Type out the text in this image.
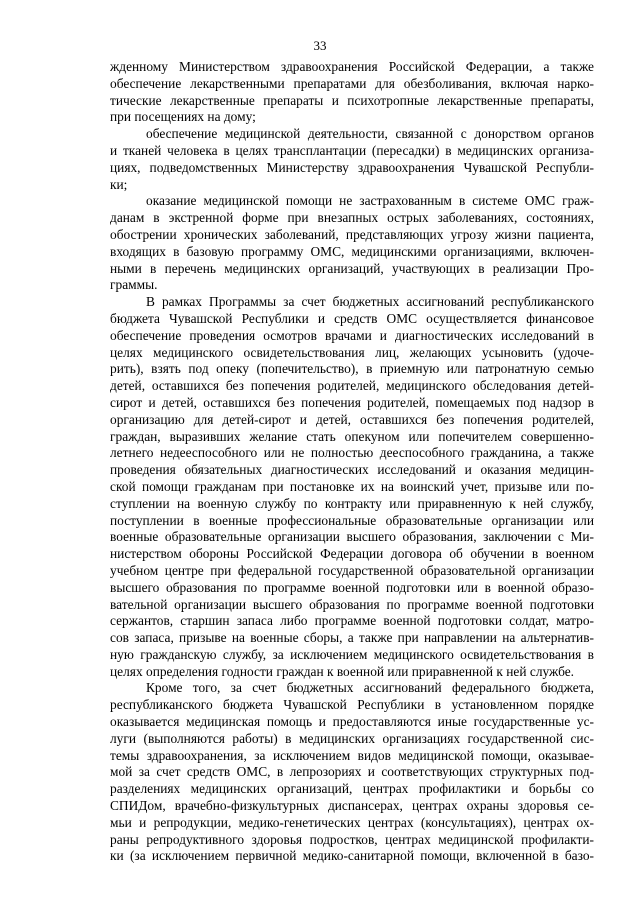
33
жденному Министерством здравоохранения Российской Федерации, а также
обеспечение лекарственными препаратами для обезболивания, включая нарко-
тические лекарственные препараты и психотропные лекарственные препараты,
при посещениях на дому;
обеспечение медицинской деятельности, связанной с донорством органов
и тканей человека в целях трансплантации (пересадки) в медицинских организа-
циях, подведомственных Министерству здравоохранения Чувашской Республи-
ки;
оказание медицинской помощи не застрахованным в системе ОМС граж-
данам в экстренной форме при внезапных острых заболеваниях, состояниях,
обострении хронических заболеваний, представляющих угрозу жизни пациента,
входящих в базовую программу ОМС, медицинскими организациями, включен-
ными в перечень медицинских организаций, участвующих в реализации Про-
граммы.
В рамках Программы за счет бюджетных ассигнований республиканского
бюджета Чувашской Республики и средств ОМС осуществляется финансовое
обеспечение проведения осмотров врачами и диагностических исследований в
целях медицинского освидетельствования лиц, желающих усыновить (удоче-
рить), взять под опеку (попечительство), в приемную или патронатную семью
детей, оставшихся без попечения родителей, медицинского обследования детей-
сирот и детей, оставшихся без попечения родителей, помещаемых под надзор в
организацию для детей-сирот и детей, оставшихся без попечения родителей,
граждан, выразивших желание стать опекуном или попечителем совершенно-
летнего недееспособного или не полностью дееспособного гражданина, а также
проведения обязательных диагностических исследований и оказания медицин-
ской помощи гражданам при постановке их на воинский учет, призыве или по-
ступлении на военную службу по контракту или приравненную к ней службу,
поступлении в военные профессиональные образовательные организации или
военные образовательные организации высшего образования, заключении с Ми-
нистерством обороны Российской Федерации договора об обучении в военном
учебном центре при федеральной государственной образовательной организации
высшего образования по программе военной подготовки или в военной образо-
вательной организации высшего образования по программе военной подготовки
сержантов, старшин запаса либо программе военной подготовки солдат, матро-
сов запаса, призыве на военные сборы, а также при направлении на альтернатив-
ную гражданскую службу, за исключением медицинского освидетельствования в
целях определения годности граждан к военной или приравненной к ней службе.
Кроме того, за счет бюджетных ассигнований федерального бюджета,
республиканского бюджета Чувашской Республики в установленном порядке
оказывается медицинская помощь и предоставляются иные государственные ус-
луги (выполняются работы) в медицинских организациях государственной сис-
темы здравоохранения, за исключением видов медицинской помощи, оказывае-
мой за счет средств ОМС, в лепрозориях и соответствующих структурных под-
разделениях медицинских организаций, центрах профилактики и борьбы со
СПИДом, врачебно-физкультурных диспансерах, центрах охраны здоровья се-
мьи и репродукции, медико-генетических центрах (консультациях), центрах ох-
раны репродуктивного здоровья подростков, центрах медицинской профилакти-
ки (за исключением первичной медико-санитарной помощи, включенной в базо-
